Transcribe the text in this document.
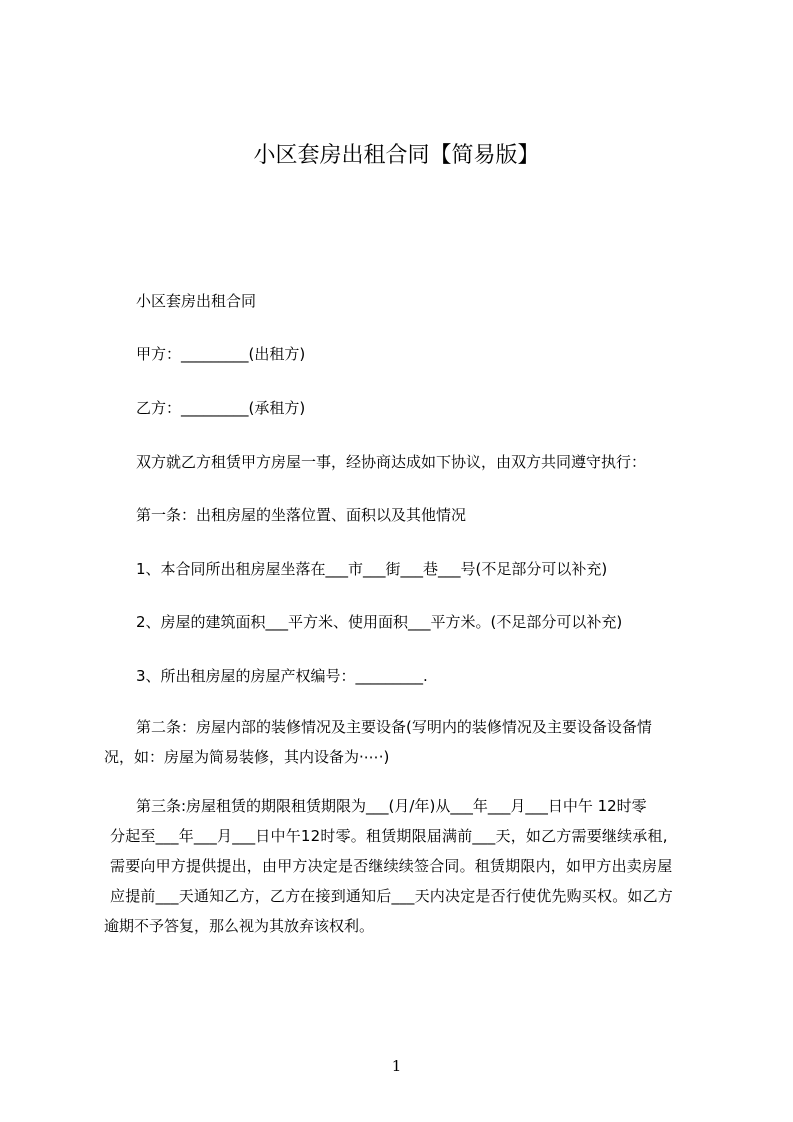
小区套房出租合同【简易版】

小区套房出租合同

甲方：_________(出租方)

乙方：_________(承租方)

双方就乙方租赁甲方房屋一事，经协商达成如下协议，由双方共同遵守执行：

第一条：出租房屋的坐落位置、面积以及其他情况

1、本合同所出租房屋坐落在___市___街___巷___号(不足部分可以补充)

2、房屋的建筑面积___平方米、使用面积___平方米。(不足部分可以补充)

3、所出租房屋的房屋产权编号：_________.

第二条：房屋内部的装修情况及主要设备(写明内的装修情况及主要设备设备情
况，如：房屋为简易装修，其内设备为·⋯·)
第三条:房屋租赁的期限租赁期限为___(月/年)从___年___月___日中午 12时零
分起至___年___月___日中午12时零。租赁期限届满前___天，如乙方需要继续承租,
需要向甲方提供提出，由甲方决定是否继续续签合同。租赁期限内，如甲方出卖房屋
应提前___天通知乙方，乙方在接到通知后___天内决定是否行使优先购买权。如乙方
逾期不予答复，那么视为其放弃该权利。
1
